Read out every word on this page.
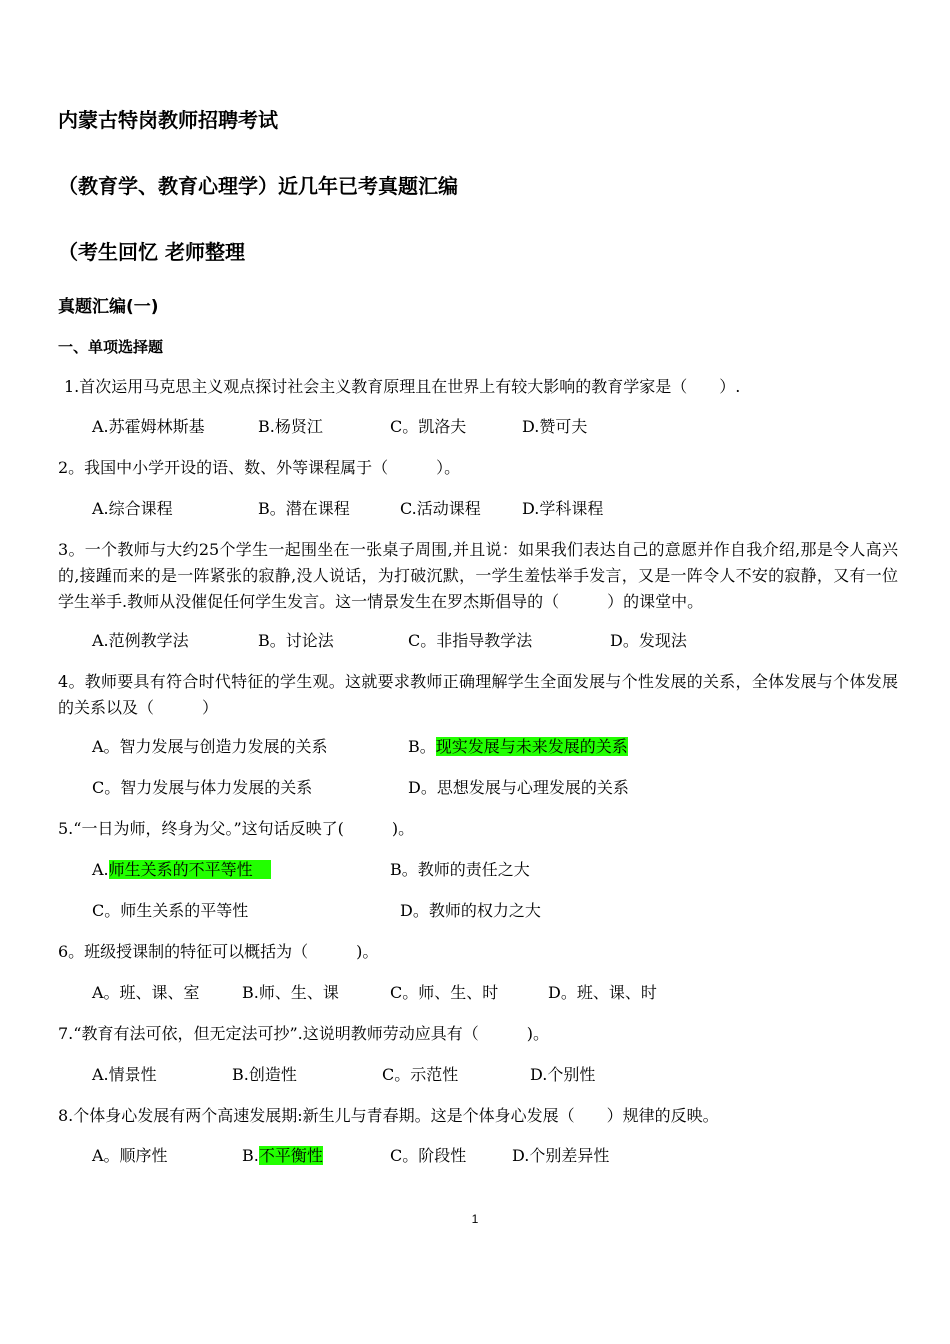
内蒙古特岗教师招聘考试
（教育学、教育心理学）近几年已考真题汇编
（考生回忆 老师整理
真题汇编(一)
一、单项选择题
1.首次运用马克思主义观点探讨社会主义教育原理且在世界上有较大影响的教育学家是（　　）.
A.苏霍姆林斯基	B.杨贤江	C。凯洛夫	D.赞可夫
2。我国中小学开设的语、数、外等课程属于（　　　）。
A.综合课程	B。潜在课程	C.活动课程	D.学科课程
3。一个教师与大约25个学生一起围坐在一张桌子周围,并且说：如果我们表达自己的意愿并作自我介绍,那是令人高兴的,接踵而来的是一阵紧张的寂静,没人说话，为打破沉默，一学生羞怯举手发言，又是一阵令人不安的寂静，又有一位学生举手.教师从没催促任何学生发言。这一情景发生在罗杰斯倡导的（　　　）的课堂中。
A.范例教学法	B。讨论法	C。非指导教学法	D。发现法
4。教师要具有符合时代特征的学生观。这就要求教师正确理解学生全面发展与个性发展的关系，全体发展与个体发展的关系以及（　　　）
A。智力发展与创造力发展的关系	B。现实发展与未来发展的关系
C。智力发展与体力发展的关系	D。思想发展与心理发展的关系
5.“一日为师，终身为父。”这句话反映了(　　　)。
A.师生关系的不平等性	B。教师的责任之大
C。师生关系的平等性	D。教师的权力之大
6。班级授课制的特征可以概括为（　　　)。
A。班、课、室	B.师、生、课	C。师、生、时	D。班、课、时
7.“教育有法可依，但无定法可抄”.这说明教师劳动应具有（　　　)。
A.情景性	B.创造性	C。示范性	D.个别性
8.个体身心发展有两个高速发展期:新生儿与青春期。这是个体身心发展（　　）规律的反映。
A。顺序性	B.不平衡性	C。阶段性	D.个别差异性
1
